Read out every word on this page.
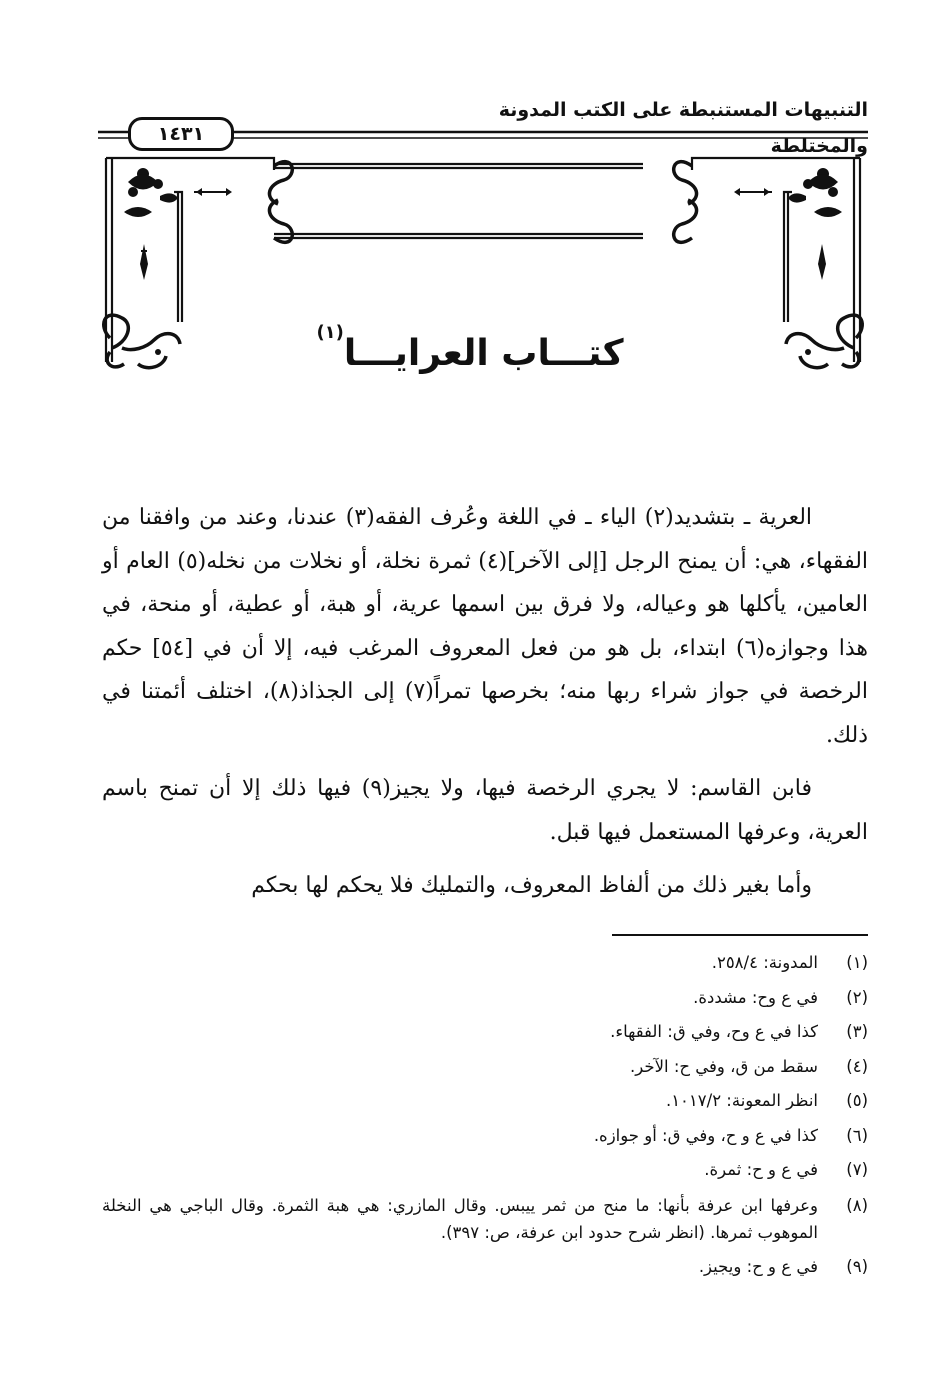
التنبيهات المستنبطة على الكتب المدونة والمختلطة
١٤٣١
كتـــاب العرايـــا$^{(١)}$

العرية ـ بتشديد(٢) الياء ـ في اللغة وعُرف الفقه(٣) عندنا، وعند من وافقنا من الفقهاء، هي: أن يمنح الرجل [إلى الآخر](٤) ثمرة نخلة، أو نخلات من نخله(٥) العام أو العامين، يأكلها هو وعياله، ولا فرق بين اسمها عرية، أو هبة، أو عطية، أو منحة، في هذا وجوازه(٦) ابتداء، بل هو من فعل المعروف المرغب فيه، إلا أن في [٥٤] حكم الرخصة في جواز شراء ربها منه؛ بخرصها تمراً(٧) إلى الجذاذ(٨)، اختلف أئمتنا في ذلك.

فابن القاسم: لا يجري الرخصة فيها، ولا يجيز(٩) فيها ذلك إلا أن تمنح باسم العرية، وعرفها المستعمل فيها قبل.

وأما بغير ذلك من ألفاظ المعروف، والتمليك فلا يحكم لها بحكم

(١)
المدونة: ٢٥٨/٤.
(٢)
في ع وح: مشددة.
(٣)
كذا في ع وح، وفي ق: الفقهاء.
(٤)
سقط من ق، وفي ح: الآخر.
(٥)
انظر المعونة: ١٠١٧/٢.
(٦)
كذا في ع و ح، وفي ق: أو جوازه.
(٧)
في ع و ح: ثمرة.
(٨)
وعرفها ابن عرفة بأنها: ما منح من ثمر ييبس. وقال المازري: هي هبة الثمرة. وقال الباجي هي النخلة الموهوب ثمرها. (انظر شرح حدود ابن عرفة، ص: ٣٩٧).
(٩)
في ع و ح: ويجيز.
